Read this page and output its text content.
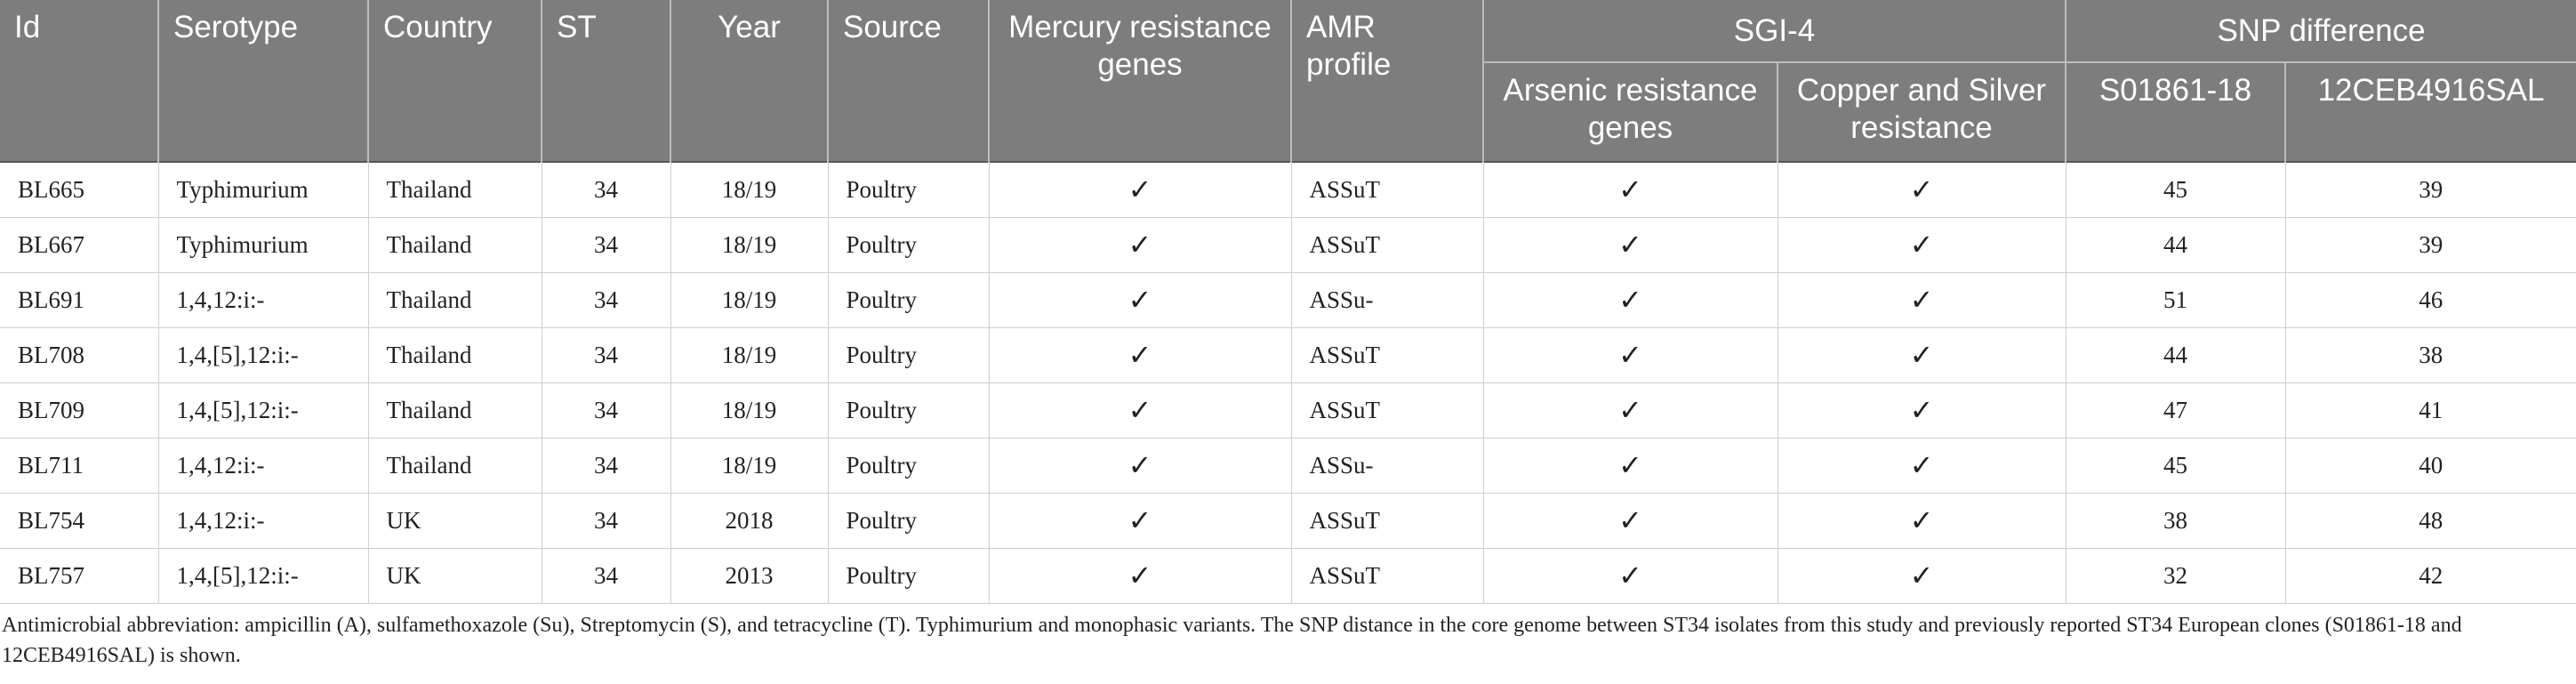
Id	Serotype	Country	ST	Year	Source	Mercury resistance genes	AMR profile	SGI-4		SNP difference	
								Arsenic resistance genes	Copper and Silver resistance	S01861-18	12CEB4916SAL
BL665	Typhimurium	Thailand	34	18/19	Poultry	✓	ASSuT	✓	✓	45	39
BL667	Typhimurium	Thailand	34	18/19	Poultry	✓	ASSuT	✓	✓	44	39
BL691	1,4,12:i:-	Thailand	34	18/19	Poultry	✓	ASSu-	✓	✓	51	46
BL708	1,4,[5],12:i:-	Thailand	34	18/19	Poultry	✓	ASSuT	✓	✓	44	38
BL709	1,4,[5],12:i:-	Thailand	34	18/19	Poultry	✓	ASSuT	✓	✓	47	41
BL711	1,4,12:i:-	Thailand	34	18/19	Poultry	✓	ASSu-	✓	✓	45	40
BL754	1,4,12:i:-	UK	34	2018	Poultry	✓	ASSuT	✓	✓	38	48
BL757	1,4,[5],12:i:-	UK	34	2013	Poultry	✓	ASSuT	✓	✓	32	42
Antimicrobial abbreviation: ampicillin (A), sulfamethoxazole (Su), Streptomycin (S), and tetracycline (T). Typhimurium and monophasic variants. The SNP distance in the core genome between ST34 isolates from this study and previously reported ST34 European clones (S01861-18 and 12CEB4916SAL) is shown.
